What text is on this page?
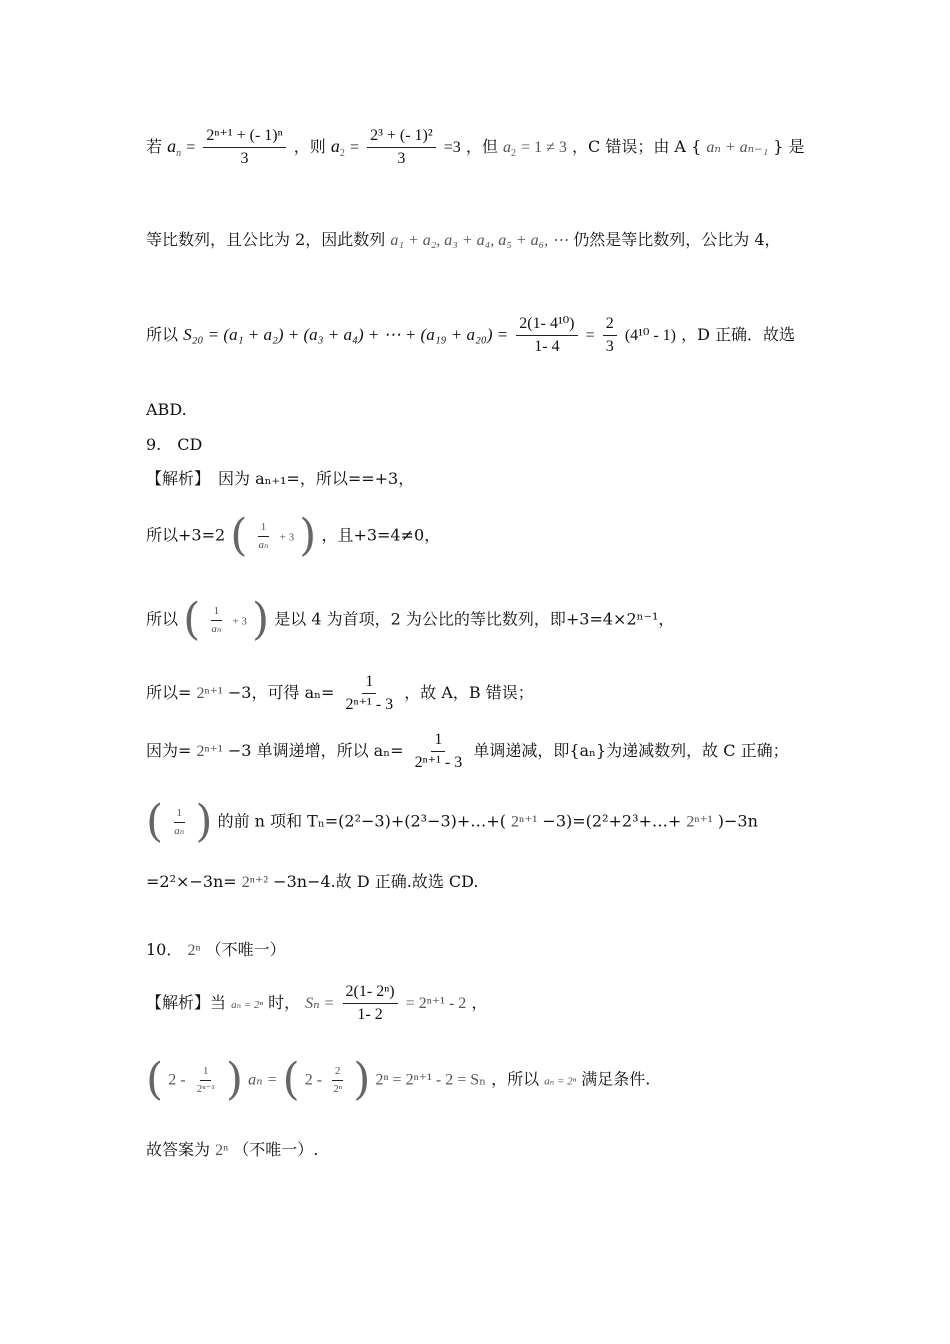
若 $a_n = \frac{\text{2ⁿ⁺¹ + (- 1)ⁿ}}{3}$ ，则 $a_2 = \frac{\text{2³ + (- 1)²}}{3} =3$ ，但 $a_2 = 1 \ne 3$ ，C 错误；由 A { aₙ + aₙ₋₁ } 是
等比数列，且公比为 2，因此数列 a₁ + a₂, a₃ + a₄, a₅ + a₆, ⋯ 仍然是等比数列，公比为 4，
所以 S₂₀ = (a₁ + a₂) + (a₃ + a₄) + ⋯ + $(a_{19} + a_{20}) = \frac{\text{2(1- 4¹⁰)}}{1- 4} = \frac{2}{3} (4^{10} - 1)$ ，D 正确．故选
ABD.
9.　CD
【解析】　因为 aₙ₊₁=，所以==+3，
所以+3=2 ( $\frac{1}{\text{aₙ}} + 3$ ) ，且+3=4≠0，
所以 ( $\frac{1}{\text{aₙ}} + 3$ ) 是以 4 为首项，2 为公比的等比数列，即+3=4×2ⁿ⁻¹，
所以= 2ⁿ⁺¹ −3，可得 $a_n= \frac{1}{\text{2ⁿ⁺¹ - 3}}$ ，故 A，B 错误；
因为= 2ⁿ⁺¹ −3 单调递增，所以 $a_n= \frac{1}{\text{2ⁿ⁺¹ - 3}}$ 单调递减，即{aₙ}为递减数列，故 C 正确；
( $\frac{1}{\text{aₙ}}$ ) 的前 n 项和 Tₙ=(2²−3)+(2³−3)+…+( 2ⁿ⁺¹ −3)=(2²+2³+…+ 2ⁿ⁺¹ )−3n
=2²×−3n= 2ⁿ⁺² −3n−4.故 D 正确.故选 CD.
10． 2ⁿ （不唯一）
【解析】当 aₙ = 2ⁿ 时， $S_n = \frac{\text{2(1- 2ⁿ)}}{1- 2} = 2^{n+1} - 2$ ，
( $2 - \frac{1}{\text{2ⁿ⁻¹}}$ ) aₙ = ( $2 - \frac{2}{\text{2ⁿ}}$ ) 2ⁿ = 2ⁿ⁺¹ - 2 = Sₙ ，所以 aₙ = 2ⁿ 满足条件.
故答案为 2ⁿ （不唯一）.
